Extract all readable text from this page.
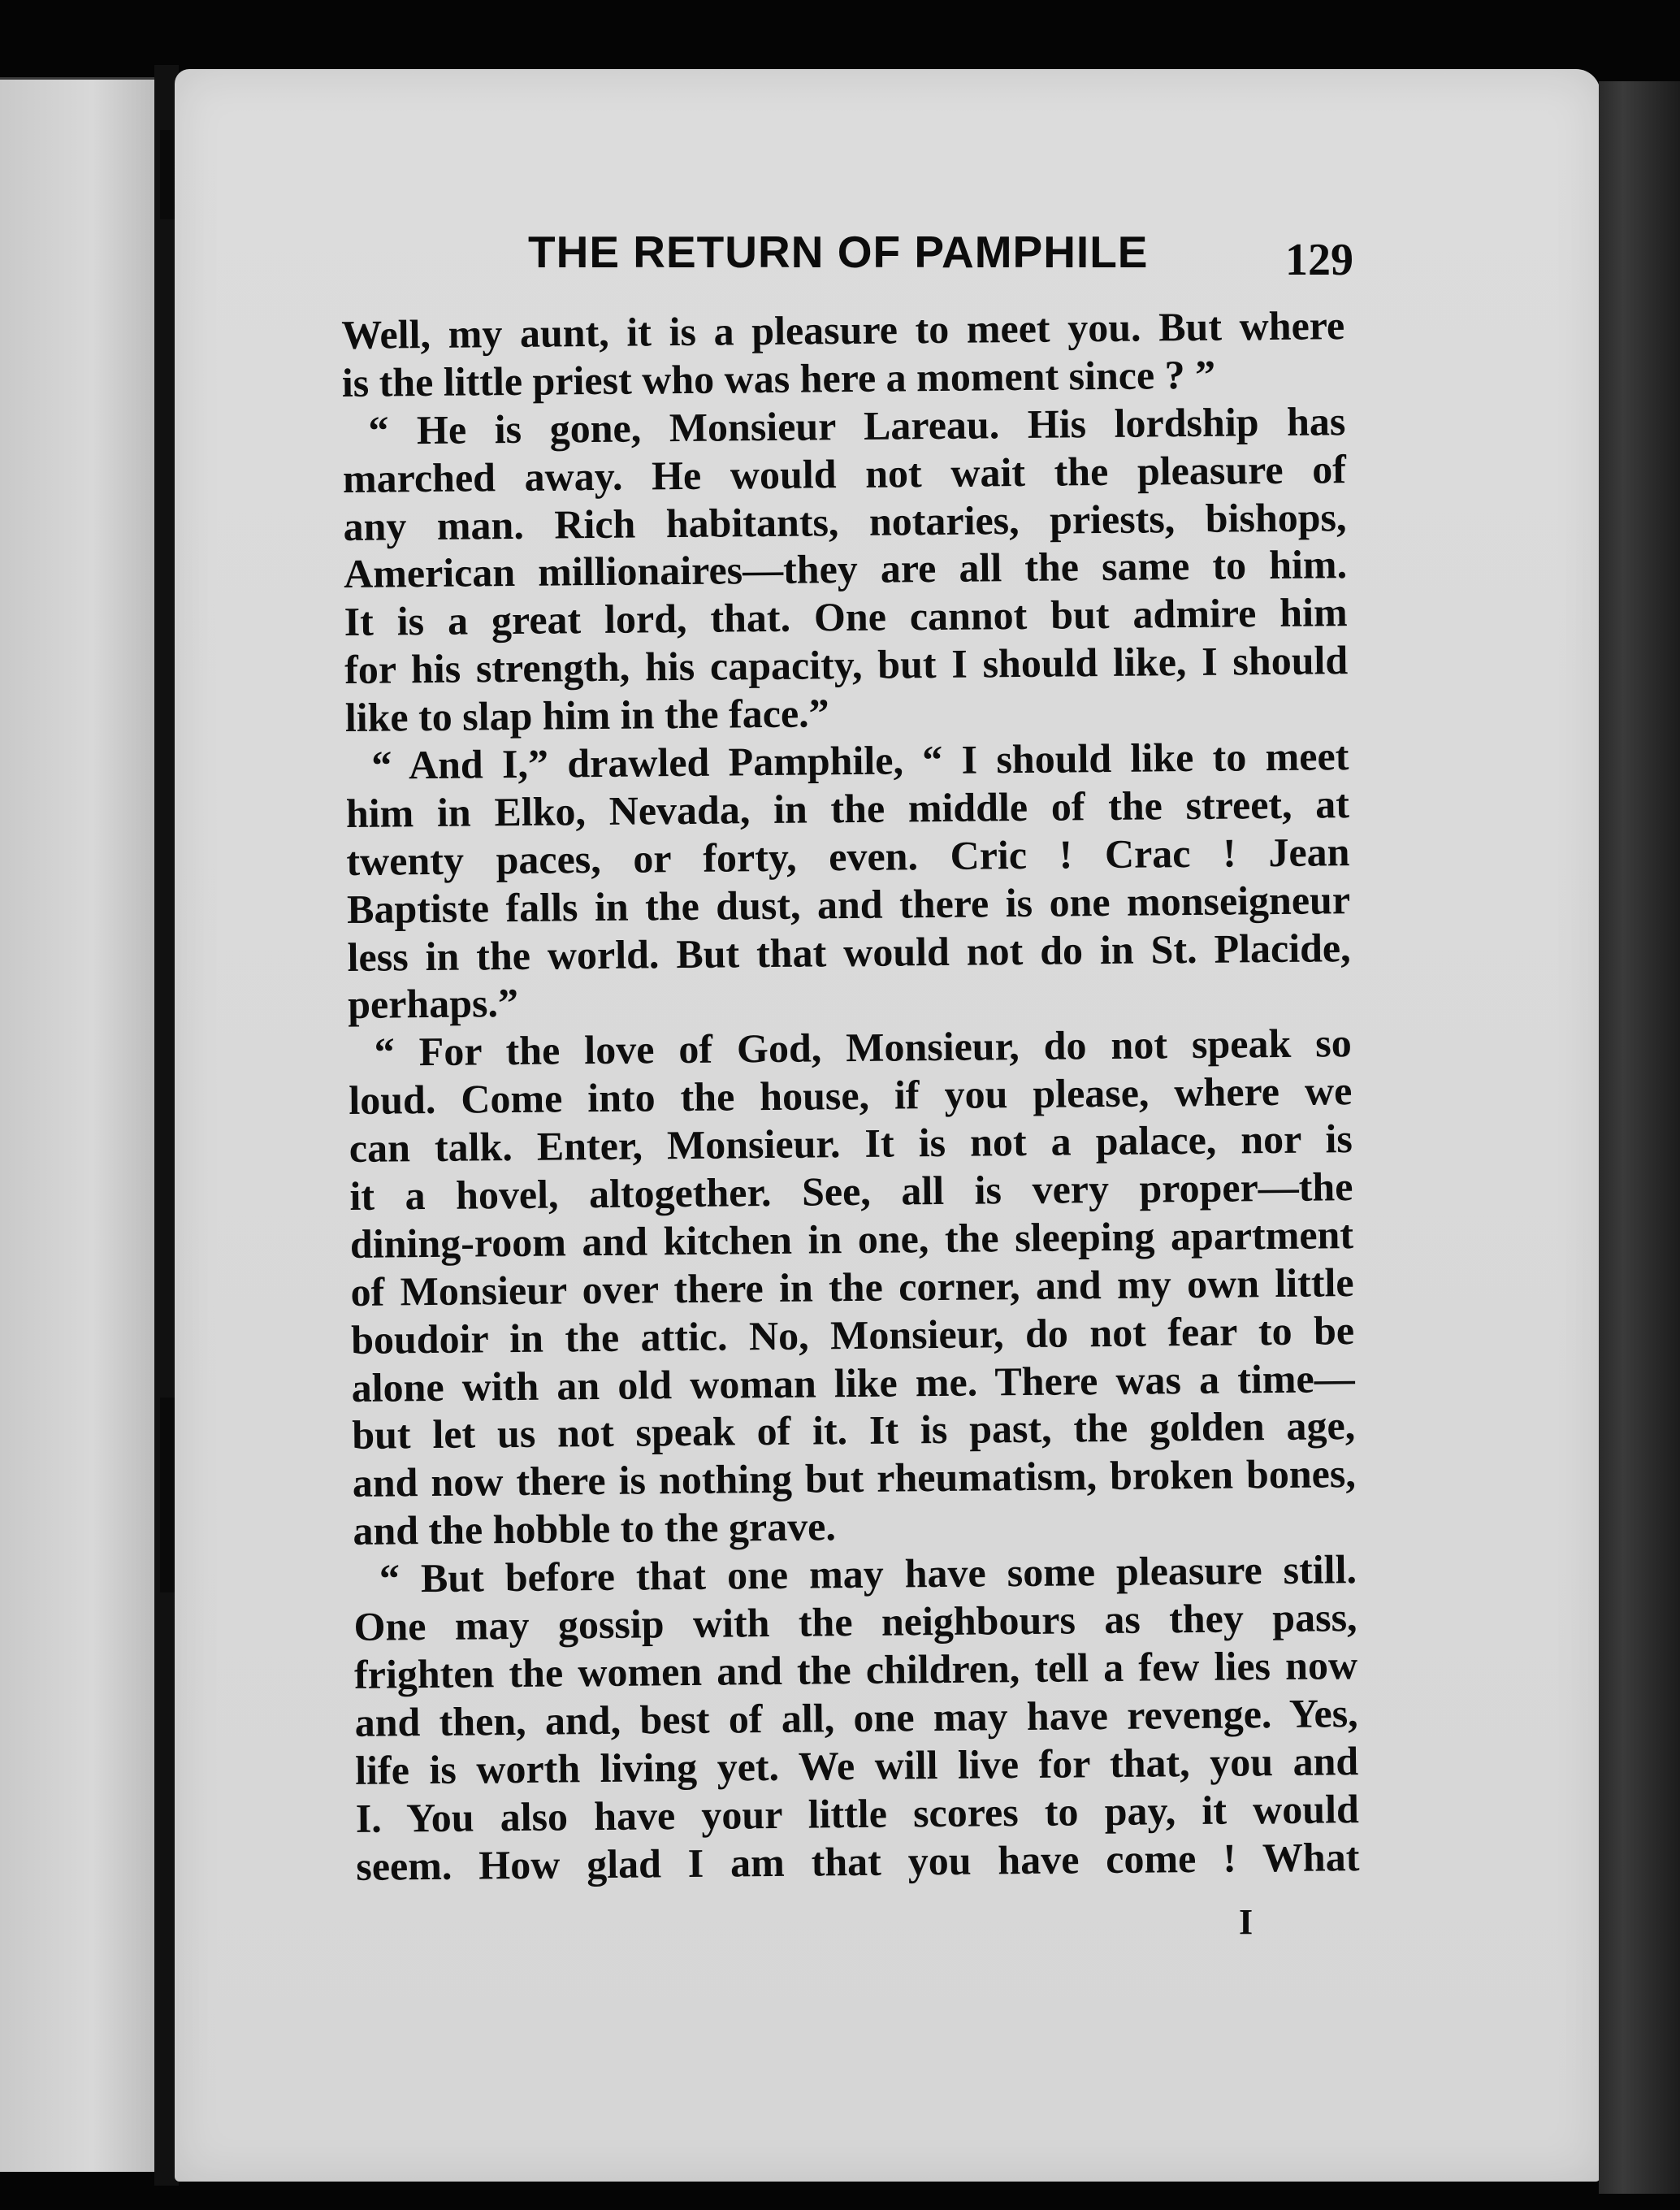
THE RETURN OF PAMPHILE	129
Well, my aunt, it is a pleasure to meet you. But where
is the little priest who was here a moment since ? ”
“ He is gone, Monsieur Lareau. His lordship has
marched away. He would not wait the pleasure of
any man. Rich habitants, notaries, priests, bishops,
American millionaires—they are all the same to him.
It is a great lord, that. One cannot but admire him
for his strength, his capacity, but I should like, I should
like to slap him in the face.”
“ And I,” drawled Pamphile, “ I should like to meet
him in Elko, Nevada, in the middle of the street, at
twenty paces, or forty, even. Cric ! Crac ! Jean
Baptiste falls in the dust, and there is one monseigneur
less in the world. But that would not do in St. Placide,
perhaps.”
“ For the love of God, Monsieur, do not speak so
loud. Come into the house, if you please, where we
can talk. Enter, Monsieur. It is not a palace, nor is
it a hovel, altogether. See, all is very proper—the
dining-room and kitchen in one, the sleeping apartment
of Monsieur over there in the corner, and my own little
boudoir in the attic. No, Monsieur, do not fear to be
alone with an old woman like me. There was a time—
but let us not speak of it. It is past, the golden age,
and now there is nothing but rheumatism, broken bones,
and the hobble to the grave.
“ But before that one may have some pleasure still.
One may gossip with the neighbours as they pass,
frighten the women and the children, tell a few lies now
and then, and, best of all, one may have revenge. Yes,
life is worth living yet. We will live for that, you and
I. You also have your little scores to pay, it would
seem. How glad I am that you have come ! What
I
